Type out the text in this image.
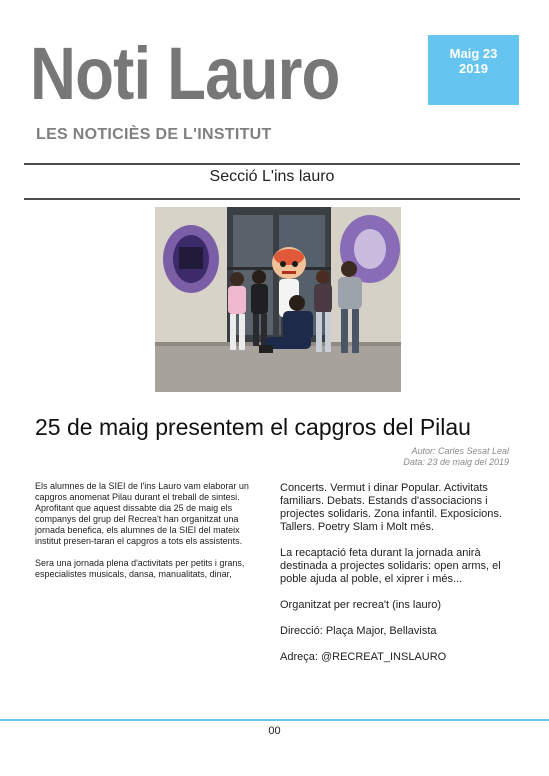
Noti Lauro	Maig 23
2019
LES NOTICIÈS DE L'INSTITUT
Secció L'ins lauro
25 de maig presentem el capgros del Pilau
Autor: Carles Sesat Leal
Data: 23 de maig del 2019

Els alumnes de la SIEI de l'ins Lauro vam elaborar un capgros anomenat Pilau durant el treball de sintesi. Aprofitant que aquest dissabte dia 25 de maig els companys del grup del Recrea't han organitzat una jornada benefica, els alumnes de la SIEI del mateix institut presen-taran el capgros a tots els assistents.

Sera una jornada plena d'activitats per petits i grans, especialistes musicals, dansa, manualitats, dinar,

Concerts. Vermut i dinar Popular. Activitats familiars. Debats. Estands d'associacions i projectes solidaris. Zona infantil. Exposicions. Tallers. Poetry Slam i Molt més.

La recaptació feta durant la jornada anirà destinada a projectes solidaris: open arms, el poble ajuda al poble, el xiprer i més...

Organitzat per recrea't (ins lauro)

Direcció: Plaça Major, Bellavista

Adreça: @RECREAT_INSLAURO

00
